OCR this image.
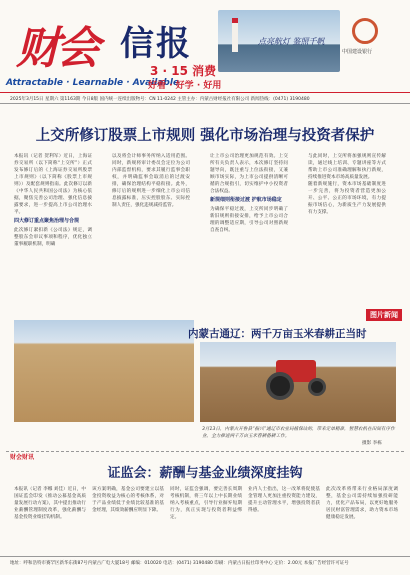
财会 信报
3 · 15 消费
点亮航灯 鉴照千帆
中国建设银行
Attractable · Learnable · Available
好看 · 好学 · 好用
2025年3月15日 星期六 第1163期 今日8版 国内统一连续出版物号：CN 11-0242 主管主办：内蒙古财经报社有限公司 新闻热线：(0471) 3190480
上交所修订股票上市规则 强化市场治理与投资者保护

本报讯（记者 贺利军）近日，上海证券交易所（以下简称“上交所”）正式发布修订后的《上海证券交易所股票上市规则》（以下简称《股票上市规则》）及配套规则指南。此次修订以新《中华人民共和国公司法》为核心依据，聚焦完善公司治理、强化信息披露要求，进一步提高上市公司治理水平。

四大修订重点聚焦治理与合规

此次修订紧扣新《公司法》规定，调整股东会审议事项和程序，优化独立董事履职机制，明确

以及将会计师事务所纳入适用范围。同时，新规将审计委员会定位为公司内部监督机构，要求其履行监事会职权，并明确监事会取消后的过渡安排，确保治理结构平稳衔接。此外，修订后的规则进一步细化上市公司信息披露标准，压实控股股东、实际控制人责任，强化违规减持监管。

让上市公司治理更加规范有效。上交所有关负责人表示，本次修订坚持问题导向，既注重与上位法衔接，又兼顾市场实际，为上市公司提供清晰可循的合规指引，切实维护中小投资者合法权益。

新规细则衔接过渡 护航市场稳定

为确保平稳过渡，上交所同步明确了新旧规则衔接安排，给予上市公司合理的调整适应期，引导公司对照新规自查自纠。

与此同时，上交所将加强规则宣传解读，通过线上培训、专题讲座等方式帮助上市公司准确理解和执行新规，持续推进资本市场高质量发展。

随着新规施行，资本市场基础制度进一步完善，将为投资者营造更加公开、公平、公正的市场环境，有力提振市场信心，为新质生产力发展提供有力支撑。

图片新闻
内蒙古通辽：两千万亩玉米春耕正当时
3月13日，内蒙古开鲁县“振兴”通辽市农业局植保站的，带来定单精准，智慧农机在田间有序作业，全力推进两千万亩玉米春耕备耕工作。
摄影 李栋
财会财讯
证监会：薪酬与基金业绩深度挂钩
本报讯（记者 李娜 刘佳）近日，中国证监会印发《推动公募基金高质量发展行动方案》，其中提出推动行业薪酬管理制度改革，强化薪酬与基金投资业绩挂钩机制。
该方案明确，基金公司要建立以基金投资收益为核心的考核体系，对于产品业绩低于业绩比较基准的基金经理，其绩效薪酬应明显下降。
同时，证监会强调，要完善长周期考核机制，将三年以上中长期业绩纳入考核重点，引导行业摒弃短期行为，真正实现与投资者利益绑定。
业内人士指出，这一改革将促使基金管理人更加注重投资能力建设，提升主动管理水平，增强投资者获得感。
此次改革将带来行业格局深度调整，基金公司需持续加强投研能力，优化产品布局，以更好地服务居民财富管理需求，助力资本市场健康稳定发展。
地址：呼和浩特市赛罕区新华东街87号内蒙古广电大厦18号 邮编：010020 电话：(0471) 3190480 印刷：内蒙古日报社印务中心 定价：2.00元 本报广告经营许可证号
